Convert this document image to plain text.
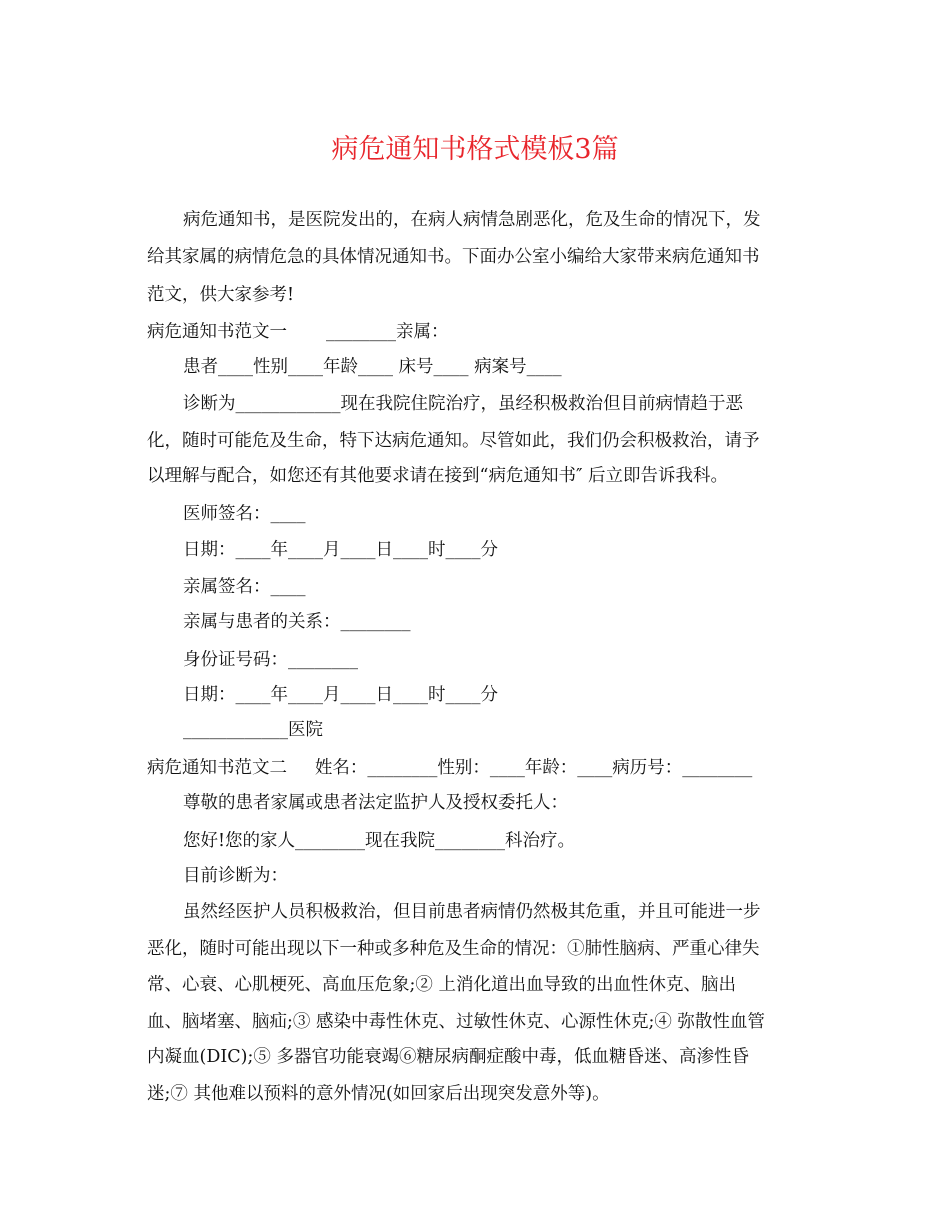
病危通知书格式模板3篇
病危通知书，是医院发出的，在病人病情急剧恶化，危及生命的情况下，发
给其家属的病情危急的具体情况通知书。下面办公室小编给大家带来病危通知书
范文，供大家参考!
病危通知书范文一       ________亲属：
患者____性别____年龄____ 床号____ 病案号____
诊断为____________现在我院住院治疗，虽经积极救治但目前病情趋于恶
化，随时可能危及生命，特下达病危通知。尽管如此，我们仍会积极救治，请予
以理解与配合，如您还有其他要求请在接到“病危通知书″ 后立即告诉我科。
医师签名：____
日期：____年____月____日____时____分
亲属签名：____
亲属与患者的关系：________
身份证号码：________
日期：____年____月____日____时____分
____________医院
病危通知书范文二     姓名：________性别：____年龄：____病历号：________
尊敬的患者家属或患者法定监护人及授权委托人：
您好!您的家人________现在我院________科治疗。
目前诊断为：
虽然经医护人员积极救治，但目前患者病情仍然极其危重，并且可能进一步
恶化，随时可能出现以下一种或多种危及生命的情况：①肺性脑病、严重心律失
常、心衰、心肌梗死、高血压危象;② 上消化道出血导致的出血性休克、脑出
血、脑堵塞、脑疝;③ 感染中毒性休克、过敏性休克、心源性休克;④ 弥散性血管
内凝血(DIC);⑤ 多器官功能衰竭⑥糖尿病酮症酸中毒，低血糖昏迷、高渗性昏
迷;⑦ 其他难以预料的意外情况(如回家后出现突发意外等)。
